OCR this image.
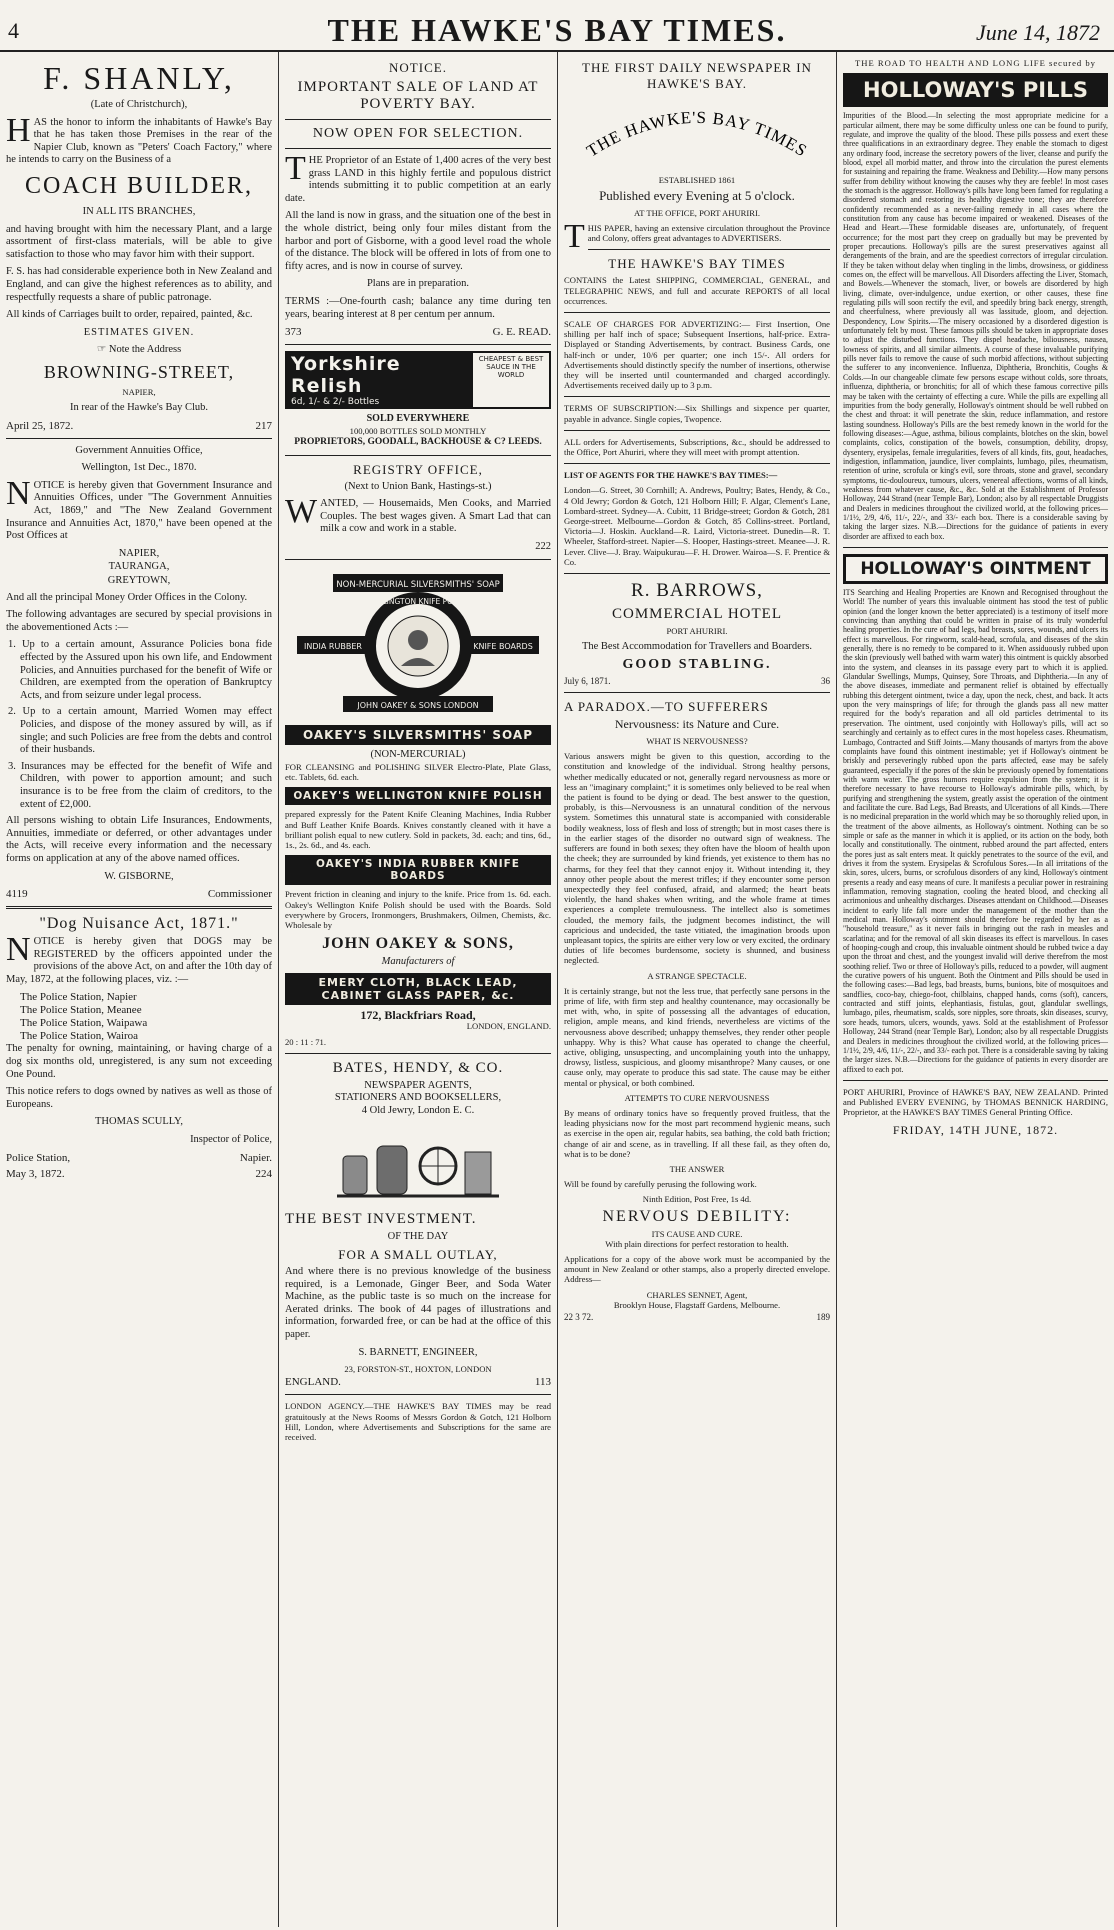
4	THE HAWKE'S BAY TIMES.	June 14, 1872
F. SHANLY,

(Late of Christchurch),

HAS the honor to inform the inhabitants of Hawke's Bay that he has taken those Premises in the rear of the Napier Club, known as "Peters' Coach Factory," where he intends to carry on the Business of a

COACH BUILDER,

IN ALL ITS BRANCHES,

and having brought with him the necessary Plant, and a large assortment of first-class materials, will be able to give satisfaction to those who may favor him with their support.

F. S. has had considerable experience both in New Zealand and England, and can give the highest references as to ability, and respectfully requests a share of public patronage.

All kinds of Carriages built to order, repaired, painted, &c.

ESTIMATES GIVEN.

☞ Note the Address

BROWNING-STREET,

NAPIER,

In rear of the Hawke's Bay Club.

April 25, 1872.	217

Government Annuities Office,

Wellington, 1st Dec., 1870.

NOTICE is hereby given that Government Insurance and Annuities Offices, under "The Government Annuities Act, 1869," and "The New Zealand Government Insurance and Annuities Act, 1870," have been opened at the Post Offices at

NAPIER,

TAURANGA,

GREYTOWN,

And all the principal Money Order Offices in the Colony.

The following advantages are secured by special provisions in the abovementioned Acts :—

1. Up to a certain amount, Assurance Policies bona fide effected by the Assured upon his own life, and Endowment Policies, and Annuities purchased for the benefit of Wife or Children, are exempted from the operation of Bankruptcy Acts, and from seizure under legal process.

2. Up to a certain amount, Married Women may effect Policies, and dispose of the money assured by will, as if single; and such Policies are free from the debts and control of their husbands.

3. Insurances may be effected for the benefit of Wife and Children, with power to apportion amount; and such insurance is to be free from the claim of creditors, to the extent of £2,000.

All persons wishing to obtain Life Insurances, Endowments, Annuities, immediate or deferred, or other advantages under the Acts, will receive every information and the necessary forms on application at any of the above named offices.

W. GISBORNE,

4119	Commissioner
"Dog Nuisance Act, 1871."

NOTICE is hereby given that DOGS may be REGISTERED by the officers appointed under the provisions of the above Act, on and after the 10th day of May, 1872, at the following places, viz. :—

The Police Station, Napier

The Police Station, Meanee

The Police Station, Waipawa

The Police Station, Wairoa

The penalty for owning, maintaining, or having charge of a dog six months old, unregistered, is any sum not exceeding One Pound.

This notice refers to dogs owned by natives as well as those of Europeans.

THOMAS SCULLY,

Inspector of Police,

Police Station,	Napier.
May 3, 1872.	224
NOTICE.
IMPORTANT SALE OF LAND AT POVERTY BAY.
NOW OPEN FOR SELECTION.

THE Proprietor of an Estate of 1,400 acres of the very best grass LAND in this highly fertile and populous district intends submitting it to public competition at an early date.

All the land is now in grass, and the situation one of the best in the whole district, being only four miles distant from the harbor and port of Gisborne, with a good level road the whole of the distance. The block will be offered in lots of from one to fifty acres, and is now in course of survey.

Plans are in preparation.

TERMS :—One-fourth cash; balance any time during ten years, bearing interest at 8 per centum per annum.

373	G. E. READ.
Yorkshire Relish
6d, 1/- & 2/- Bottles
CHEAPEST & BEST SAUCE IN THE WORLD
SOLD EVERYWHERE
100,000 BOTTLES SOLD MONTHLY
PROPRIETORS, GOODALL, BACKHOUSE & C? LEEDS.
REGISTRY OFFICE,

(Next to Union Bank, Hastings-st.)

WANTED, — Housemaids, Men Cooks, and Married Couples. The best wages given. A Smart Lad that can milk a cow and work in a stable.

222

NON-MERCURIAL SILVERSMITHS' SOAP
WELLINGTON KNIFE POLISH
INDIA RUBBER	KNIFE BOARDS
JOHN OAKEY & SONS LONDON
OAKEY'S SILVERSMITHS' SOAP

(NON-MERCURIAL)

FOR CLEANSING and POLISHING SILVER Electro-Plate, Plate Glass, etc. Tablets, 6d. each.

OAKEY'S WELLINGTON KNIFE POLISH

prepared expressly for the Patent Knife Cleaning Machines, India Rubber and Buff Leather Knife Boards. Knives constantly cleaned with it have a brilliant polish equal to new cutlery. Sold in packets, 3d. each; and tins, 6d., 1s., 2s. 6d., and 4s. each.

OAKEY'S INDIA RUBBER KNIFE BOARDS

Prevent friction in cleaning and injury to the knife. Price from 1s. 6d. each. Oakey's Wellington Knife Polish should be used with the Boards. Sold everywhere by Grocers, Ironmongers, Brushmakers, Oilmen, Chemists, &c. Wholesale by

JOHN OAKEY & SONS,

Manufacturers of

EMERY CLOTH, BLACK LEAD, CABINET GLASS PAPER, &c.

172, Blackfriars Road,

LONDON, ENGLAND.

20 : 11 : 71.

BATES, HENDY, & CO.

NEWSPAPER AGENTS,

STATIONERS AND BOOKSELLERS,

4 Old Jewry, London E. C.

THE BEST INVESTMENT.

OF THE DAY

FOR A SMALL OUTLAY,

And where there is no previous knowledge of the business required, is a Lemonade, Ginger Beer, and Soda Water Machine, as the public taste is so much on the increase for Aerated drinks. The book of 44 pages of illustrations and information, forwarded free, or can be had at the office of this paper.

S. BARNETT, ENGINEER,

23, FORSTON-ST., HOXTON, LONDON

ENGLAND.	113

LONDON AGENCY.—THE HAWKE'S BAY TIMES may be read gratuitously at the News Rooms of Messrs Gordon & Gotch, 121 Holborn Hill, London, where Advertisements and Subscriptions for the same are received.

THE FIRST DAILY NEWSPAPER IN HAWKE'S BAY.
THE HAWKE'S BAY TIMES

ESTABLISHED 1861

Published every Evening at 5 o'clock.

AT THE OFFICE, PORT AHURIRI.

THIS PAPER, having an extensive circulation throughout the Province and Colony, offers great advantages to ADVERTISERS.

THE HAWKE'S BAY TIMES

CONTAINS the Latest SHIPPING, COMMERCIAL, GENERAL, and TELEGRAPHIC NEWS, and full and accurate REPORTS of all local occurrences.

SCALE OF CHARGES FOR ADVERTIZING:— First Insertion, One shilling per half inch of space; Subsequent Insertions, half-price. Extra-Displayed or Standing Advertisements, by contract. Business Cards, one half-inch or under, 10/6 per quarter; one inch 15/-. All orders for Advertisements should distinctly specify the number of insertions, otherwise they will be inserted until countermanded and charged accordingly. Advertisements received daily up to 3 p.m.

TERMS OF SUBSCRIPTION:—Six Shillings and sixpence per quarter, payable in advance. Single copies, Twopence.

ALL orders for Advertisements, Subscriptions, &c., should be addressed to the Office, Port Ahuriri, where they will meet with prompt attention.

LIST OF AGENTS FOR THE HAWKE'S BAY TIMES:—

London—G. Street, 30 Cornhill; A. Andrews, Poultry; Bates, Hendy, & Co., 4 Old Jewry; Gordon & Gotch, 121 Holborn Hill; F. Algar, Clement's Lane, Lombard-street. Sydney—A. Cubitt, 11 Bridge-street; Gordon & Gotch, 281 George-street. Melbourne—Gordon & Gotch, 85 Collins-street. Portland, Victoria—J. Hoskin. Auckland—R. Laird, Victoria-street. Dunedin—R. T. Wheeler, Stafford-street. Napier—S. Hooper, Hastings-street. Meanee—J. R. Lever. Clive—J. Bray. Waipukurau—F. H. Drower. Wairoa—S. F. Prentice & Co.

R. BARROWS,
COMMERCIAL HOTEL

PORT AHURIRI.

The Best Accommodation for Travellers and Boarders.

GOOD STABLING.

July 6, 1871.	36
A PARADOX.—TO SUFFERERS

Nervousness: its Nature and Cure.

WHAT IS NERVOUSNESS?

Various answers might be given to this question, according to the constitution and knowledge of the individual. Strong healthy persons, whether medically educated or not, generally regard nervousness as more or less an "imaginary complaint;" it is sometimes only believed to be real when the patient is found to be dying or dead. The best answer to the question, probably, is this—Nervousness is an unnatural condition of the nervous system. Sometimes this unnatural state is accompanied with considerable bodily weakness, loss of flesh and loss of strength; but in most cases there is in the earlier stages of the disorder no outward sign of weakness. The sufferers are found in both sexes; they often have the bloom of health upon the cheek; they are surrounded by kind friends, yet existence to them has no charms, for they feel that they cannot enjoy it. Without intending it, they annoy other people about the merest trifles; if they encounter some person unexpectedly they feel confused, afraid, and alarmed; the heart beats violently, the hand shakes when writing, and the whole frame at times experiences a complete tremulousness. The intellect also is sometimes clouded, the memory fails, the judgment becomes indistinct, the will capricious and undecided, the taste vitiated, the imagination broods upon unpleasant topics, the spirits are either very low or very excited, the ordinary duties of life becomes burdensome, society is shunned, and business neglected.

A STRANGE SPECTACLE.

It is certainly strange, but not the less true, that perfectly sane persons in the prime of life, with firm step and healthy countenance, may occasionally be met with, who, in spite of possessing all the advantages of education, religion, ample means, and kind friends, nevertheless are victims of the nervousness above described; unhappy themselves, they render other people unhappy. Why is this? What cause has operated to change the cheerful, active, obliging, unsuspecting, and uncomplaining youth into the unhappy, drowsy, listless, suspicious, and gloomy misanthrope? Many causes, or one cause only, may operate to produce this sad state. The cause may be either mental or physical, or both combined.

ATTEMPTS TO CURE NERVOUSNESS

By means of ordinary tonics have so frequently proved fruitless, that the leading physicians now for the most part recommend hygienic means, such as exercise in the open air, regular habits, sea bathing, the cold bath friction; change of air and scene, as in travelling. If all these fail, as they often do, what is to be done?

THE ANSWER

Will be found by carefully perusing the following work.

Ninth Edition, Post Free, 1s 4d.

NERVOUS DEBILITY:

ITS CAUSE AND CURE.

With plain directions for perfect restoration to health.

Applications for a copy of the above work must be accompanied by the amount in New Zealand or other stamps, also a properly directed envelope. Address—

CHARLES SENNET, Agent,

Brooklyn House, Flagstaff Gardens, Melbourne.

22 3 72.	189

THE ROAD TO HEALTH AND LONG LIFE secured by

HOLLOWAY'S PILLS

Impurities of the Blood.—In selecting the most appropriate medicine for a particular ailment, there may be some difficulty unless one can be found to purify, regulate, and improve the quality of the blood. These pills possess and exert these three qualifications in an extraordinary degree. They enable the stomach to digest any ordinary food, increase the secretory powers of the liver, cleanse and purify the blood, expel all morbid matter, and throw into the circulation the purest elements for sustaining and repairing the frame. Weakness and Debility.—How many persons suffer from debility without knowing the causes why they are feeble! In most cases the stomach is the aggressor. Holloway's pills have long been famed for regulating a disordered stomach and restoring its healthy digestive tone; they are therefore confidently recommended as a never-failing remedy in all cases where the constitution from any cause has become impaired or weakened. Diseases of the Head and Heart.—These formidable diseases are, unfortunately, of frequent occurrence; for the most part they creep on gradually but may be prevented by proper precautions. Holloway's pills are the surest preservatives against all derangements of the brain, and are the speediest correctors of irregular circulation. If they be taken without delay when tingling in the limbs, drowsiness, or giddiness comes on, the effect will be marvellous. All Disorders affecting the Liver, Stomach, and Bowels.—Whenever the stomach, liver, or bowels are disordered by high living, climate, over-indulgence, undue exertion, or other causes, these fine regulating pills will soon rectify the evil, and speedily bring back energy, strength, and cheerfulness, where previously all was lassitude, gloom, and dejection. Despondency, Low Spirits.—The misery occasioned by a disordered digestion is unfortunately felt by most. These famous pills should be taken in appropriate doses to adjust the disturbed functions. They dispel headache, biliousness, nausea, lowness of spirits, and all similar ailments. A course of these invaluable purifying pills never fails to remove the cause of such morbid affections, without subjecting the sufferer to any inconvenience. Influenza, Diphtheria, Bronchitis, Coughs & Colds.—In our changeable climate few persons escape without colds, sore throats, influenza, diphtheria, or bronchitis; for all of which these famous corrective pills may be taken with the certainty of effecting a cure. While the pills are expelling all impurities from the body generally, Holloway's ointment should be well rubbed on the chest and throat: it will penetrate the skin, reduce inflammation, and restore lasting soundness. Holloway's Pills are the best remedy known in the world for the following diseases:—Ague, asthma, bilious complaints, blotches on the skin, bowel complaints, colics, constipation of the bowels, consumption, debility, dropsy, dysentery, erysipelas, female irregularities, fevers of all kinds, fits, gout, headaches, indigestion, inflammation, jaundice, liver complaints, lumbago, piles, rheumatism, retention of urine, scrofula or king's evil, sore throats, stone and gravel, secondary symptoms, tic-douloureux, tumours, ulcers, venereal affections, worms of all kinds, weakness from whatever cause, &c., &c. Sold at the Establishment of Professor Holloway, 244 Strand (near Temple Bar), London; also by all respectable Druggists and Dealers in medicines throughout the civilized world, at the following prices—1/1½, 2/9, 4/6, 11/-, 22/-, and 33/- each box. There is a considerable saving by taking the larger sizes. N.B.—Directions for the guidance of patients in every disorder are affixed to each box.

HOLLOWAY'S OINTMENT

ITS Searching and Healing Properties are Known and Recognised throughout the World! The number of years this invaluable ointment has stood the test of public opinion (and the longer known the better appreciated) is a testimony of itself more convincing than anything that could be written in praise of its truly wonderful healing properties. In the cure of bad legs, bad breasts, sores, wounds, and ulcers its effect is marvellous. For ringworm, scald-head, scrofula, and diseases of the skin generally, there is no remedy to be compared to it. When assiduously rubbed upon the skin (previously well bathed with warm water) this ointment is quickly absorbed into the system, and cleanses in its passage every part to which it is applied. Glandular Swellings, Mumps, Quinsey, Sore Throats, and Diphtheria.—In any of the above diseases, immediate and permanent relief is obtained by effectually rubbing this detergent ointment, twice a day, upon the neck, chest, and back. It acts upon the very mainsprings of life; for through the glands pass all new matter required for the body's reparation and all old particles detrimental to its preservation. The ointment, used conjointly with Holloway's pills, will act so searchingly and certainly as to effect cures in the most hopeless cases. Rheumatism, Lumbago, Contracted and Stiff Joints.—Many thousands of martyrs from the above complaints have found this ointment inestimable; yet if Holloway's ointment be briskly and perseveringly rubbed upon the parts affected, ease may be safely guaranteed, especially if the pores of the skin be previously opened by fomentations with warm water. The gross humors require expulsion from the system; it is therefore necessary to have recourse to Holloway's admirable pills, which, by purifying and strengthening the system, greatly assist the operation of the ointment and facilitate the cure. Bad Legs, Bad Breasts, and Ulcerations of all Kinds.—There is no medicinal preparation in the world which may be so thoroughly relied upon, in the treatment of the above ailments, as Holloway's ointment. Nothing can be so simple or safe as the manner in which it is applied, or its action on the body, both locally and constitutionally. The ointment, rubbed around the part affected, enters the pores just as salt enters meat. It quickly penetrates to the source of the evil, and drives it from the system. Erysipelas & Scrofulous Sores.—In all irritations of the skin, sores, ulcers, burns, or scrofulous disorders of any kind, Holloway's ointment presents a ready and easy means of cure. It manifests a peculiar power in restraining inflammation, removing stagnation, cooling the heated blood, and checking all acrimonious and unhealthy discharges. Diseases attendant on Childhood.—Diseases incident to early life fall more under the management of the mother than the medical man. Holloway's ointment should therefore be regarded by her as a "household treasure," as it never fails in bringing out the rash in measles and scarlatina; and for the removal of all skin diseases its effect is marvellous. In cases of hooping-cough and croup, this invaluable ointment should be rubbed twice a day upon the throat and chest, and the youngest invalid will derive therefrom the most soothing relief. Two or three of Holloway's pills, reduced to a powder, will augment the curative powers of his unguent. Both the Ointment and Pills should be used in the following cases:—Bad legs, bad breasts, burns, bunions, bite of mosquitoes and sandflies, coco-bay, chiego-foot, chilblains, chapped hands, corns (soft), cancers, contracted and stiff joints, elephantiasis, fistulas, gout, glandular swellings, lumbago, piles, rheumatism, scalds, sore nipples, sore throats, skin diseases, scurvy, sore heads, tumors, ulcers, wounds, yaws. Sold at the establishment of Professor Holloway, 244 Strand (near Temple Bar), London; also by all respectable Druggists and Dealers in medicines throughout the civilized world, at the following prices—1/1½, 2/9, 4/6, 11/-, 22/-, and 33/- each pot. There is a considerable saving by taking the larger sizes. N.B.—Directions for the guidance of patients in every disorder are affixed to each pot.

PORT AHURIRI, Province of HAWKE'S BAY, NEW ZEALAND. Printed and Published EVERY EVENING, by THOMAS BENNICK HARDING, Proprietor, at the HAWKE'S BAY TIMES General Printing Office.

FRIDAY, 14TH JUNE, 1872.
